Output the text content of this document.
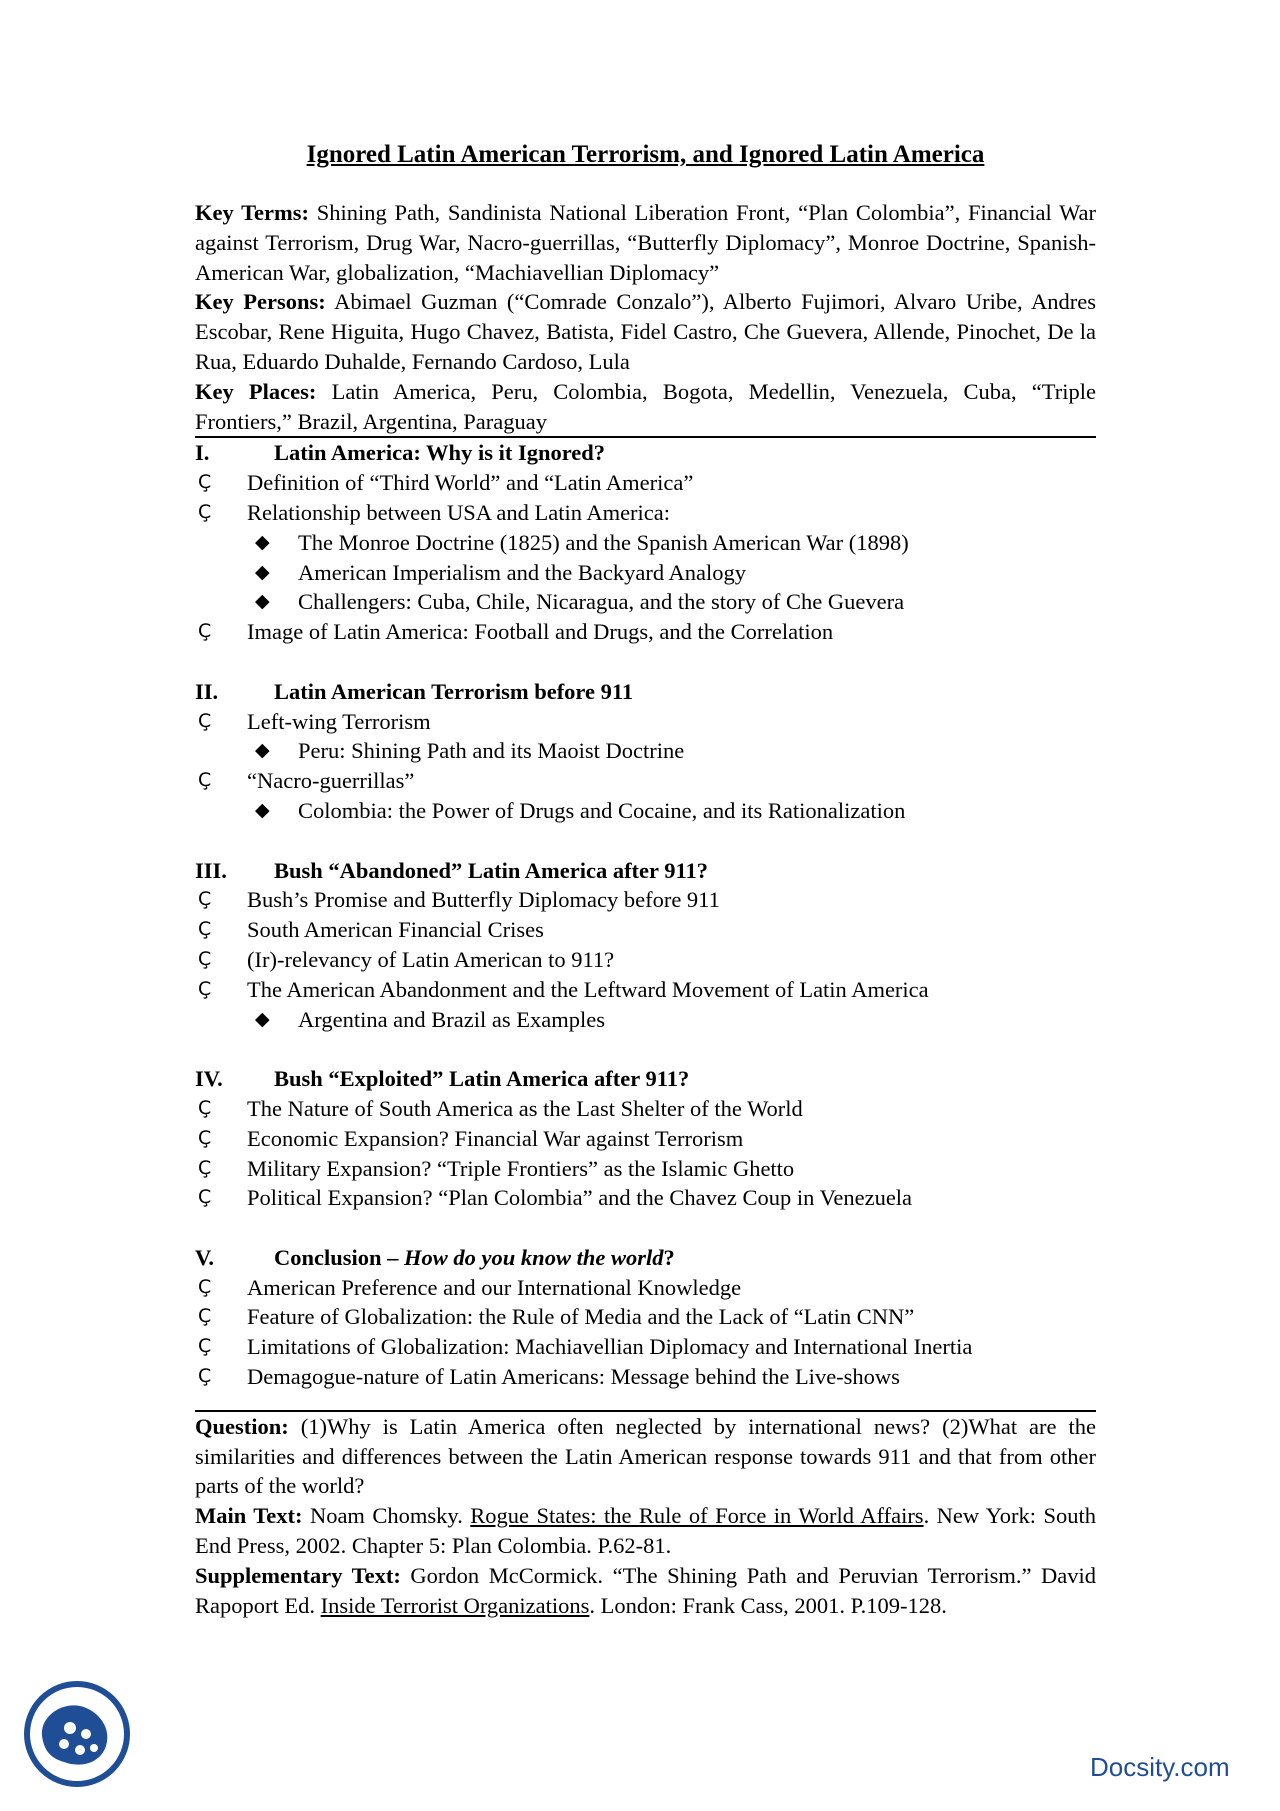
Ignored Latin American Terrorism, and Ignored Latin America
Key Terms: Shining Path, Sandinista National Liberation Front, “Plan Colombia”, Financial War against Terrorism, Drug War, Nacro-guerrillas, “Butterfly Diplomacy”, Monroe Doctrine, Spanish-American War, globalization, “Machiavellian Diplomacy”
Key Persons: Abimael Guzman (“Comrade Conzalo”), Alberto Fujimori, Alvaro Uribe, Andres Escobar, Rene Higuita, Hugo Chavez, Batista, Fidel Castro, Che Guevera, Allende, Pinochet, De la Rua, Eduardo Duhalde, Fernando Cardoso, Lula
Key Places: Latin America, Peru, Colombia, Bogota, Medellin, Venezuela, Cuba, “Triple Frontiers,” Brazil, Argentina, Paraguay
I.	Latin America: Why is it Ignored?
Ç Definition of “Third World” and “Latin America”
Ç Relationship between USA and Latin America:
◆ The Monroe Doctrine (1825) and the Spanish American War (1898)
◆ American Imperialism and the Backyard Analogy
◆ Challengers: Cuba, Chile, Nicaragua, and the story of Che Guevera
Ç Image of Latin America: Football and Drugs, and the Correlation
II. Latin American Terrorism before 911
Ç Left-wing Terrorism
◆ Peru: Shining Path and its Maoist Doctrine
Ç “Nacro-guerrillas”
◆ Colombia: the Power of Drugs and Cocaine, and its Rationalization
III. Bush “Abandoned” Latin America after 911?
Ç Bush’s Promise and Butterfly Diplomacy before 911
Ç South American Financial Crises
Ç (Ir)-relevancy of Latin American to 911?
Ç The American Abandonment and the Leftward Movement of Latin America
◆ Argentina and Brazil as Examples
IV. Bush “Exploited” Latin America after 911?
Ç The Nature of South America as the Last Shelter of the World
Ç Economic Expansion? Financial War against Terrorism
Ç Military Expansion? “Triple Frontiers” as the Islamic Ghetto
Ç Political Expansion? “Plan Colombia” and the Chavez Coup in Venezuela
V.	Conclusion – How do you know the world?
Ç American Preference and our International Knowledge
Ç Feature of Globalization: the Rule of Media and the Lack of “Latin CNN”
Ç Limitations of Globalization: Machiavellian Diplomacy and International Inertia
Ç Demagogue-nature of Latin Americans: Message behind the Live-shows
Question: (1)Why is Latin America often neglected by international news? (2)What are the similarities and differences between the Latin American response towards 911 and that from other parts of the world?
Main Text: Noam Chomsky. Rogue States: the Rule of Force in World Affairs. New York: South End Press, 2002. Chapter 5: Plan Colombia. P.62-81.
Supplementary Text: Gordon McCormick. “The Shining Path and Peruvian Terrorism.” David Rapoport Ed. Inside Terrorist Organizations. London: Frank Cass, 2001. P.109-128.
Docsity.com
